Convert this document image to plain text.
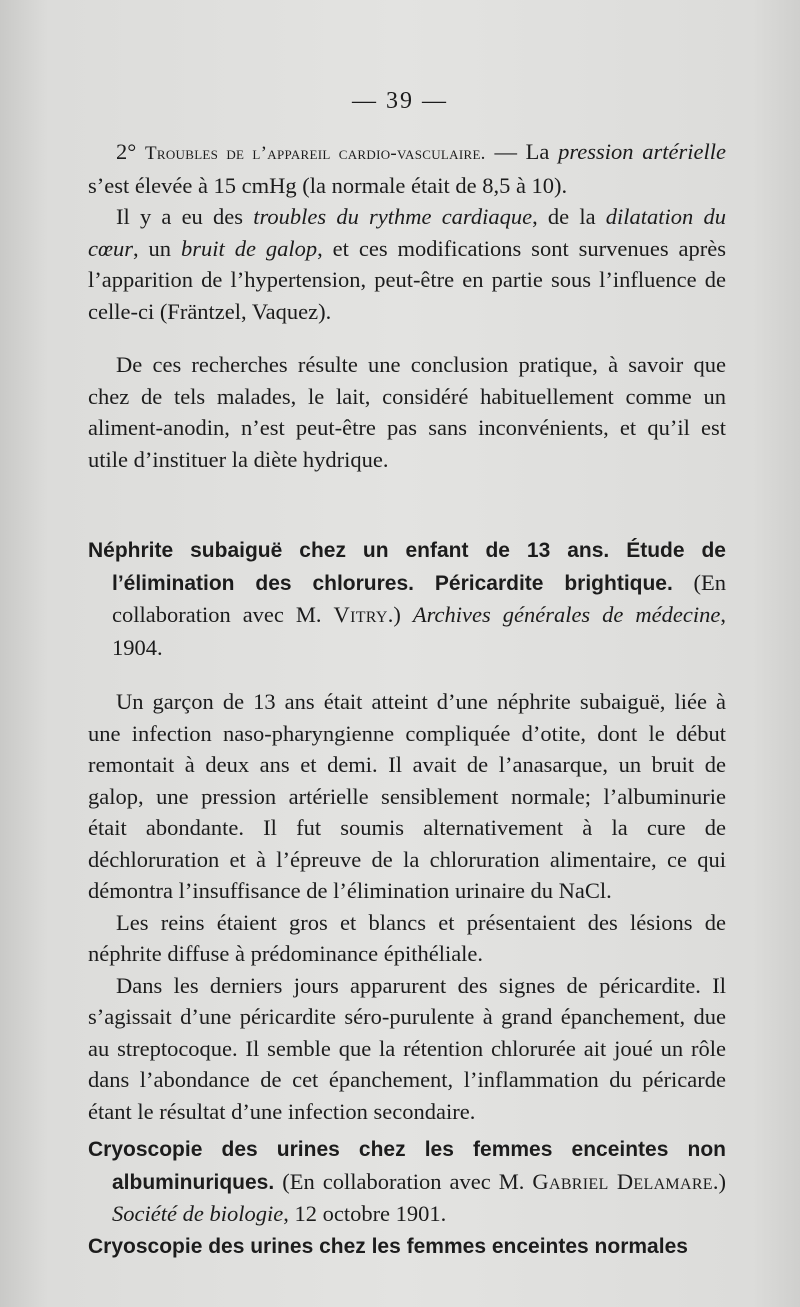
— 39 —

2° Troubles de l’appareil cardio-vasculaire. — La pression artérielle s’est élevée à 15 cmHg (la normale était de 8,5 à 10).

Il y a eu des troubles du rythme cardiaque, de la dilatation du cœur, un bruit de galop, et ces modifications sont survenues après l’apparition de l’hypertension, peut-être en partie sous l’influence de celle-ci (Fräntzel, Vaquez).

De ces recherches résulte une conclusion pratique, à savoir que chez de tels malades, le lait, considéré habituellement comme un aliment-anodin, n’est peut-être pas sans inconvénients, et qu’il est utile d’instituer la diète hydrique.

Néphrite subaiguë chez un enfant de 13 ans. Étude de l’élimination des chlorures. Péricardite brightique. (En collaboration avec M. Vitry.) Archives générales de médecine, 1904.

Un garçon de 13 ans était atteint d’une néphrite subaiguë, liée à une infection naso-pharyngienne compliquée d’otite, dont le début remontait à deux ans et demi. Il avait de l’anasarque, un bruit de galop, une pression artérielle sensiblement normale; l’albuminurie était abondante. Il fut soumis alternativement à la cure de déchloruration et à l’épreuve de la chloruration alimentaire, ce qui démontra l’insuffisance de l’élimination urinaire du NaCl.

Les reins étaient gros et blancs et présentaient des lésions de néphrite diffuse à prédominance épithéliale.

Dans les derniers jours apparurent des signes de péricardite. Il s’agissait d’une péricardite séro-purulente à grand épanchement, due au streptocoque. Il semble que la rétention chlorurée ait joué un rôle dans l’abondance de cet épanchement, l’inflammation du péricarde étant le résultat d’une infection secondaire.

Cryoscopie des urines chez les femmes enceintes non albuminuriques. (En collaboration avec M. Gabriel Delamare.) Société de biologie, 12 octobre 1901.

Cryoscopie des urines chez les femmes enceintes normales
